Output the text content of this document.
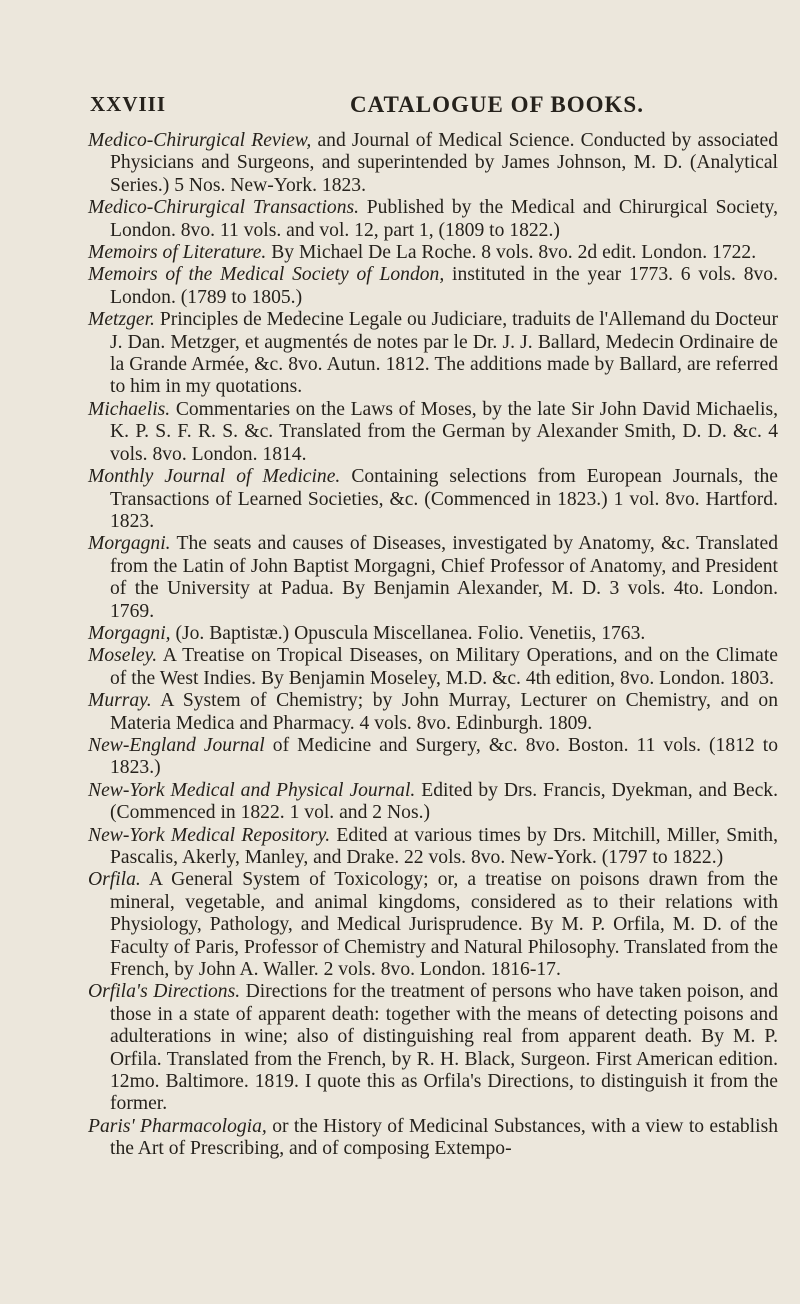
XXVIII	CATALOGUE OF BOOKS.

Medico-Chirurgical Review, and Journal of Medical Science. Conducted by associated Physicians and Surgeons, and superintended by James Johnson, M. D. (Analytical Series.) 5 Nos. New-York. 1823.

Medico-Chirurgical Transactions. Published by the Medical and Chirurgical Society, London. 8vo. 11 vols. and vol. 12, part 1, (1809 to 1822.)

Memoirs of Literature. By Michael De La Roche. 8 vols. 8vo. 2d edit. London. 1722.

Memoirs of the Medical Society of London, instituted in the year 1773. 6 vols. 8vo. London. (1789 to 1805.)

Metzger. Principles de Medecine Legale ou Judiciare, traduits de l'Allemand du Docteur J. Dan. Metzger, et augmentés de notes par le Dr. J. J. Ballard, Medecin Ordinaire de la Grande Armée, &c. 8vo. Autun. 1812. The additions made by Ballard, are referred to him in my quotations.

Michaelis. Commentaries on the Laws of Moses, by the late Sir John David Michaelis, K. P. S. F. R. S. &c. Translated from the German by Alexander Smith, D. D. &c. 4 vols. 8vo. London. 1814.

Monthly Journal of Medicine. Containing selections from European Journals, the Transactions of Learned Societies, &c. (Commenced in 1823.) 1 vol. 8vo. Hartford. 1823.

Morgagni. The seats and causes of Diseases, investigated by Anatomy, &c. Translated from the Latin of John Baptist Morgagni, Chief Professor of Anatomy, and President of the University at Padua. By Benjamin Alexander, M. D. 3 vols. 4to. London. 1769.

Morgagni, (Jo. Baptistæ.) Opuscula Miscellanea. Folio. Venetiis, 1763.

Moseley. A Treatise on Tropical Diseases, on Military Operations, and on the Climate of the West Indies. By Benjamin Moseley, M.D. &c. 4th edition, 8vo. London. 1803.

Murray. A System of Chemistry; by John Murray, Lecturer on Chemistry, and on Materia Medica and Pharmacy. 4 vols. 8vo. Edinburgh. 1809.

New-England Journal of Medicine and Surgery, &c. 8vo. Boston. 11 vols. (1812 to 1823.)

New-York Medical and Physical Journal. Edited by Drs. Francis, Dyekman, and Beck. (Commenced in 1822. 1 vol. and 2 Nos.)

New-York Medical Repository. Edited at various times by Drs. Mitchill, Miller, Smith, Pascalis, Akerly, Manley, and Drake. 22 vols. 8vo. New-York. (1797 to 1822.)

Orfila. A General System of Toxicology; or, a treatise on poisons drawn from the mineral, vegetable, and animal kingdoms, considered as to their relations with Physiology, Pathology, and Medical Jurisprudence. By M. P. Orfila, M. D. of the Faculty of Paris, Professor of Chemistry and Natural Philosophy. Translated from the French, by John A. Waller. 2 vols. 8vo. London. 1816-17.

Orfila's Directions. Directions for the treatment of persons who have taken poison, and those in a state of apparent death: together with the means of detecting poisons and adulterations in wine; also of distinguishing real from apparent death. By M. P. Orfila. Translated from the French, by R. H. Black, Surgeon. First American edition. 12mo. Baltimore. 1819. I quote this as Orfila's Directions, to distinguish it from the former.

Paris' Pharmacologia, or the History of Medicinal Substances, with a view to establish the Art of Prescribing, and of composing Extempo-
